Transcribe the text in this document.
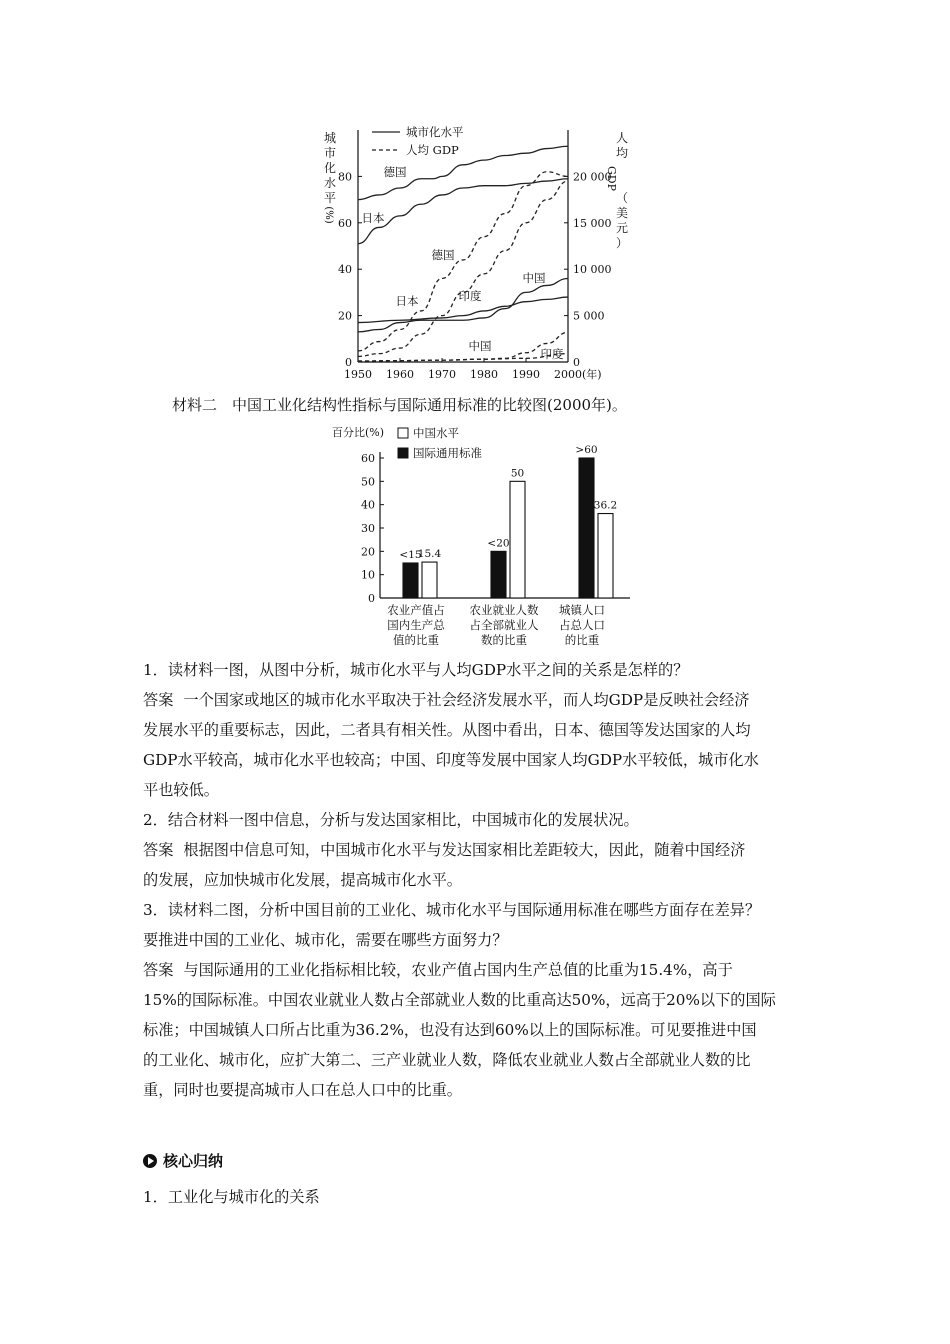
城
市
化
水
平
(%)
人
均
GDP
（
美
元
）
0
20
40
60
80
0
5 000
10 000
15 000
20 000
1950 1960 1970 1980 1990 2000(年)
德国
日本
德国
日本	印度
中国
中国
印度
城市化水平
人均 GDP
材料二　中国工业化结构性指标与国际通用标准的比较图(2000年)。
0
10
20
30
40
50
60
百分比(%)
<15
15.4
农业产值占
国内生产总
值的比重
<20
50
农业就业人数
占全部就业人
数的比重
>60
36.2
城镇人口
占总人口
的比重
中国水平
国际通用标准
1．读材料一图，从图中分析，城市化水平与人均GDP水平之间的关系是怎样的？
答案 一个国家或地区的城市化水平取决于社会经济发展水平，而人均GDP是反映社会经济
发展水平的重要标志，因此，二者具有相关性。从图中看出，日本、德国等发达国家的人均
GDP水平较高，城市化水平也较高；中国、印度等发展中国家人均GDP水平较低，城市化水
平也较低。
2．结合材料一图中信息，分析与发达国家相比，中国城市化的发展状况。
答案 根据图中信息可知，中国城市化水平与发达国家相比差距较大，因此，随着中国经济
的发展，应加快城市化发展，提高城市化水平。
3．读材料二图，分析中国目前的工业化、城市化水平与国际通用标准在哪些方面存在差异？
要推进中国的工业化、城市化，需要在哪些方面努力？
答案 与国际通用的工业化指标相比较，农业产值占国内生产总值的比重为15.4%，高于
15%的国际标准。中国农业就业人数占全部就业人数的比重高达50%，远高于20%以下的国际
标准；中国城镇人口所占比重为36.2%，也没有达到60%以上的国际标准。可见要推进中国
的工业化、城市化，应扩大第二、三产业就业人数，降低农业就业人数占全部就业人数的比
重，同时也要提高城市人口在总人口中的比重。
核心归纳
1．工业化与城市化的关系
